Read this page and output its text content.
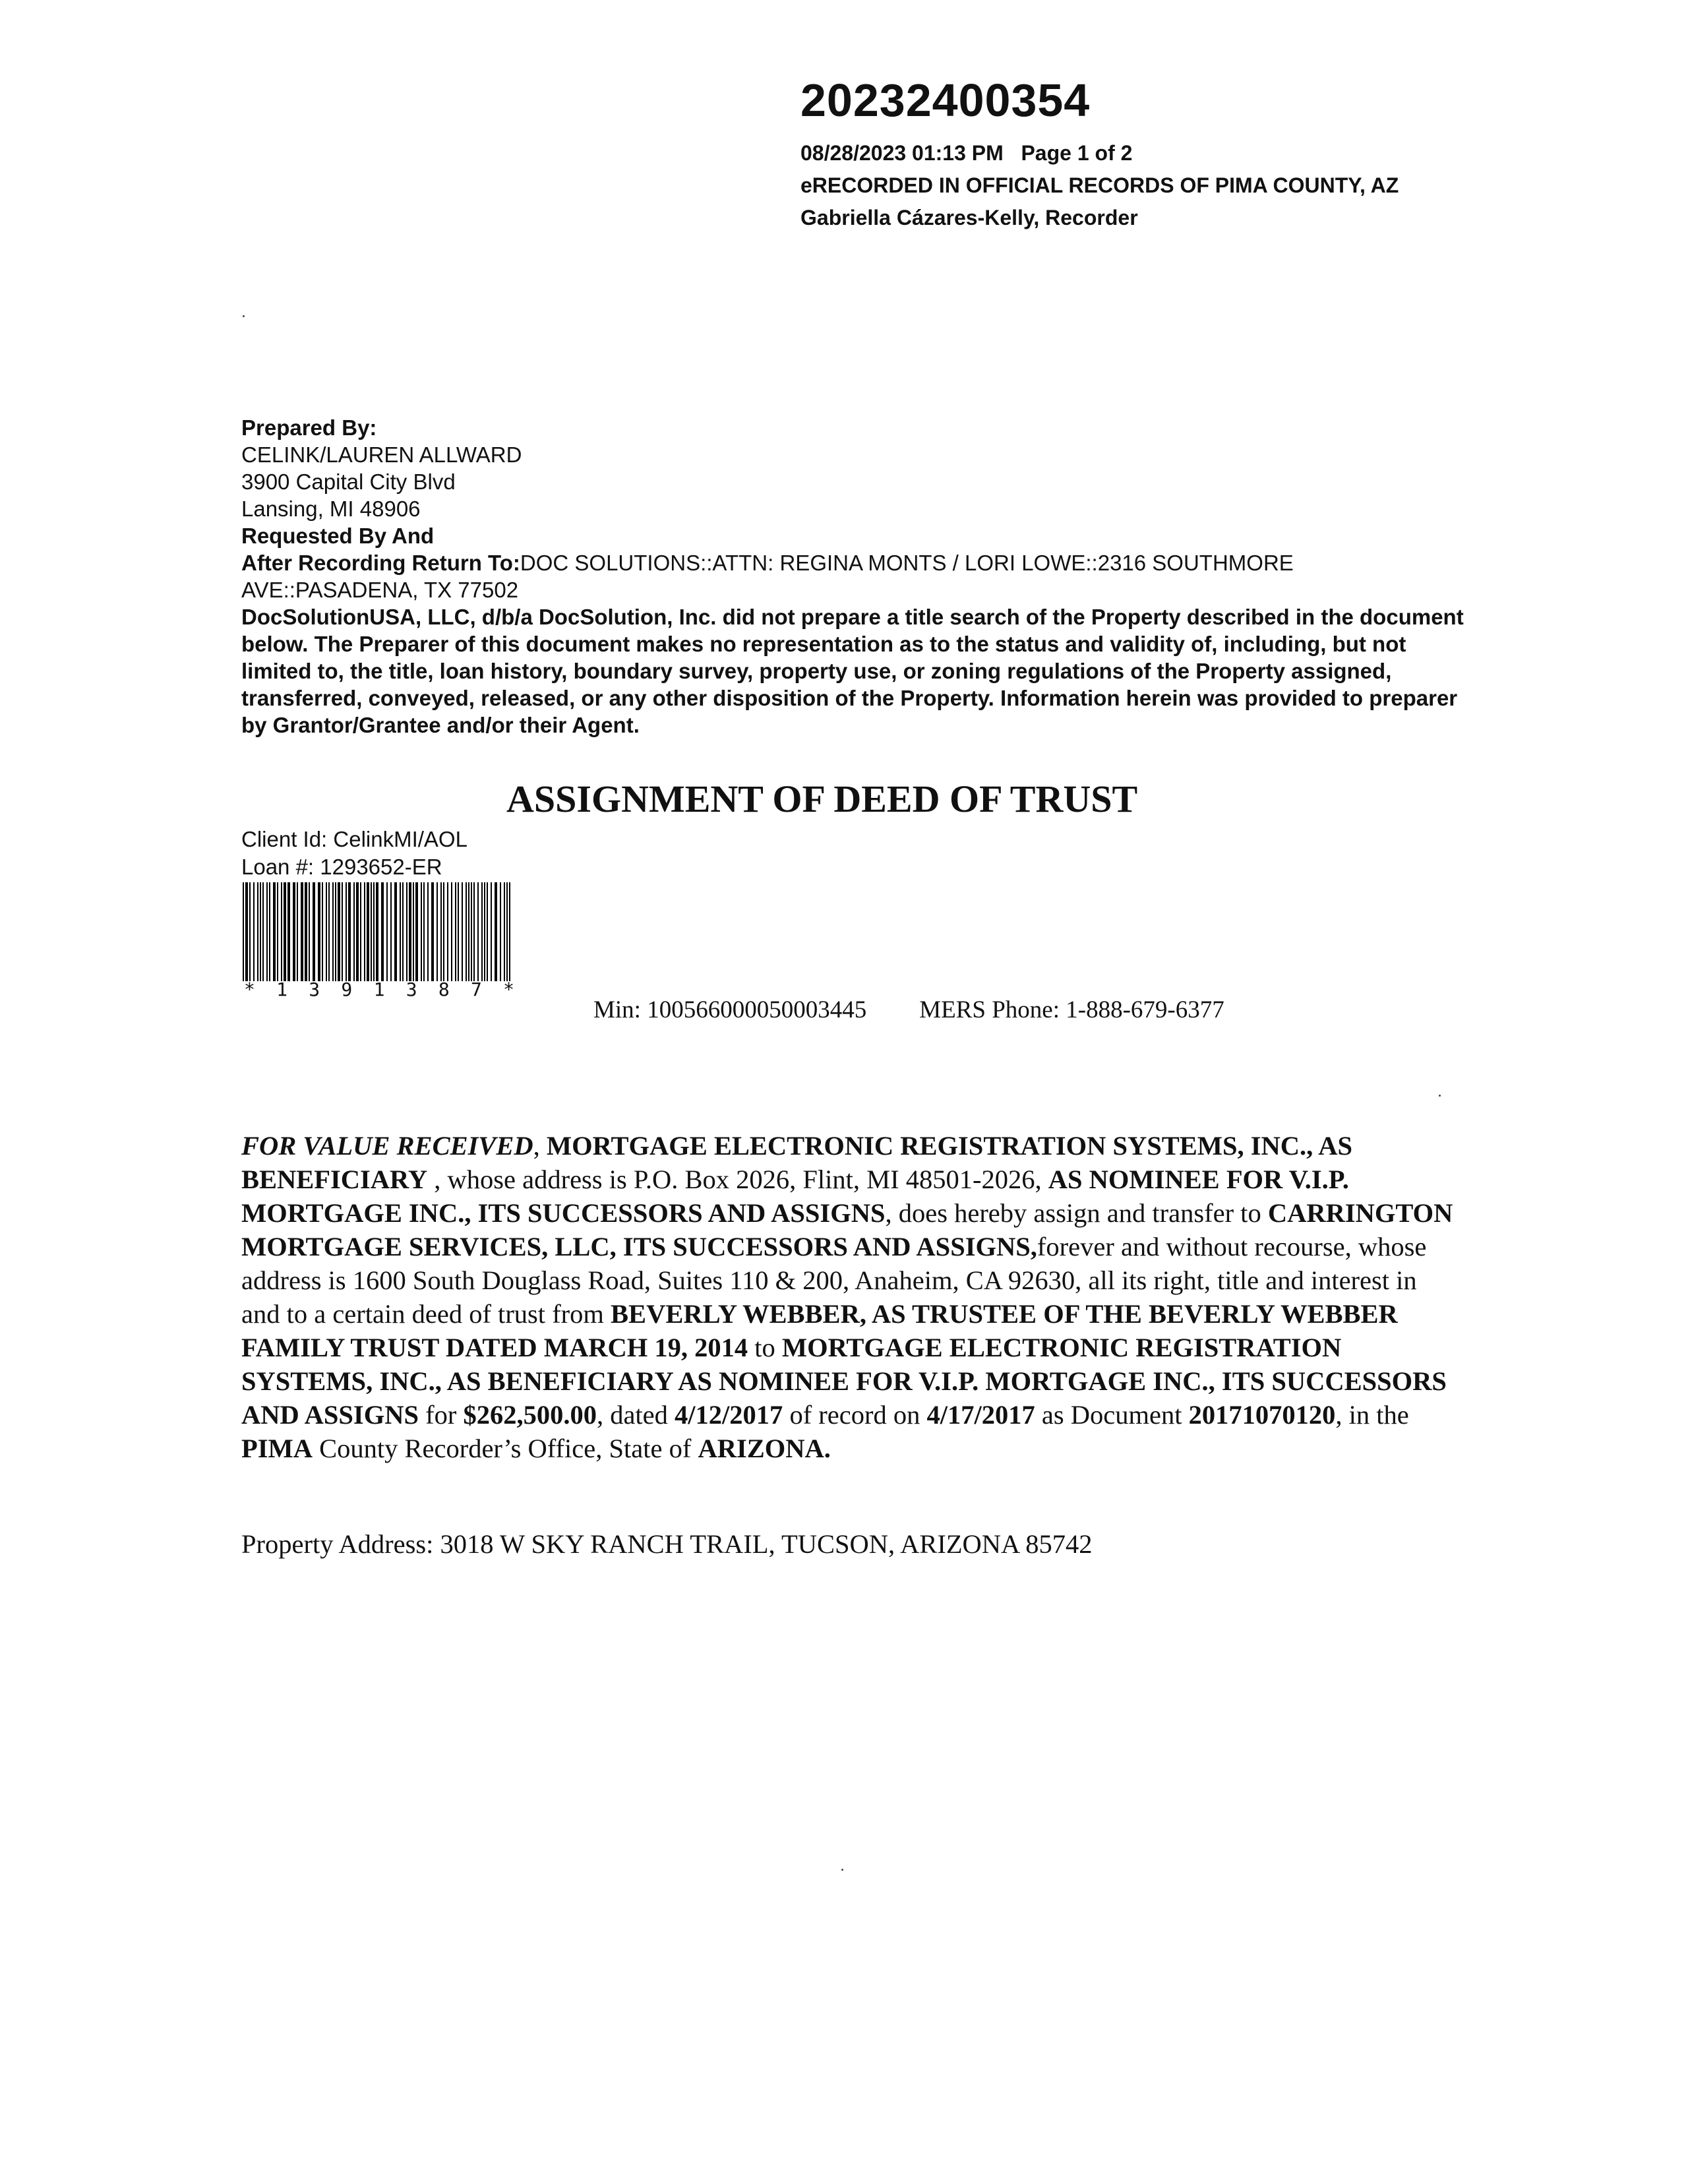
20232400354
08/28/2023 01:13 PM Page 1 of 2
eRECORDED IN OFFICIAL RECORDS OF PIMA COUNTY, AZ
Gabriella Cázares-Kelly, Recorder
Prepared By:
CELINK/LAUREN ALLWARD
3900 Capital City Blvd
Lansing, MI 48906
Requested By And
After Recording Return To:DOC SOLUTIONS::ATTN: REGINA MONTS / LORI LOWE::2316 SOUTHMORE
AVE::PASADENA, TX 77502
DocSolutionUSA, LLC, d/b/a DocSolution, Inc. did not prepare a title search of the Property described in the document below. The Preparer of this document makes no representation as to the status and validity of, including, but not limited to, the title, loan history, boundary survey, property use, or zoning regulations of the Property assigned, transferred, conveyed, released, or any other disposition of the Property. Information herein was provided to preparer by Grantor/Grantee and/or their Agent.
ASSIGNMENT OF DEED OF TRUST
Client Id: CelinkMI/AOL
Loan #: 1293652-ER
* 1 3 9 1 3 8 7 *
Min: 100566000050003445 MERS Phone: 1-888-679-6377
FOR VALUE RECEIVED, MORTGAGE ELECTRONIC REGISTRATION SYSTEMS, INC., AS BENEFICIARY , whose address is P.O. Box 2026, Flint, MI 48501-2026, AS NOMINEE FOR V.I.P. MORTGAGE INC., ITS SUCCESSORS AND ASSIGNS, does hereby assign and transfer to CARRINGTON MORTGAGE SERVICES, LLC, ITS SUCCESSORS AND ASSIGNS,forever and without recourse, whose address is 1600 South Douglass Road, Suites 110 & 200, Anaheim, CA 92630, all its right, title and interest in and to a certain deed of trust from BEVERLY WEBBER, AS TRUSTEE OF THE BEVERLY WEBBER FAMILY TRUST DATED MARCH 19, 2014 to MORTGAGE ELECTRONIC REGISTRATION SYSTEMS, INC., AS BENEFICIARY AS NOMINEE FOR V.I.P. MORTGAGE INC., ITS SUCCESSORS AND ASSIGNS for $262,500.00, dated 4/12/2017 of record on 4/17/2017 as Document 20171070120, in the PIMA County Recorder’s Office, State of ARIZONA.
Property Address: 3018 W SKY RANCH TRAIL, TUCSON, ARIZONA 85742
